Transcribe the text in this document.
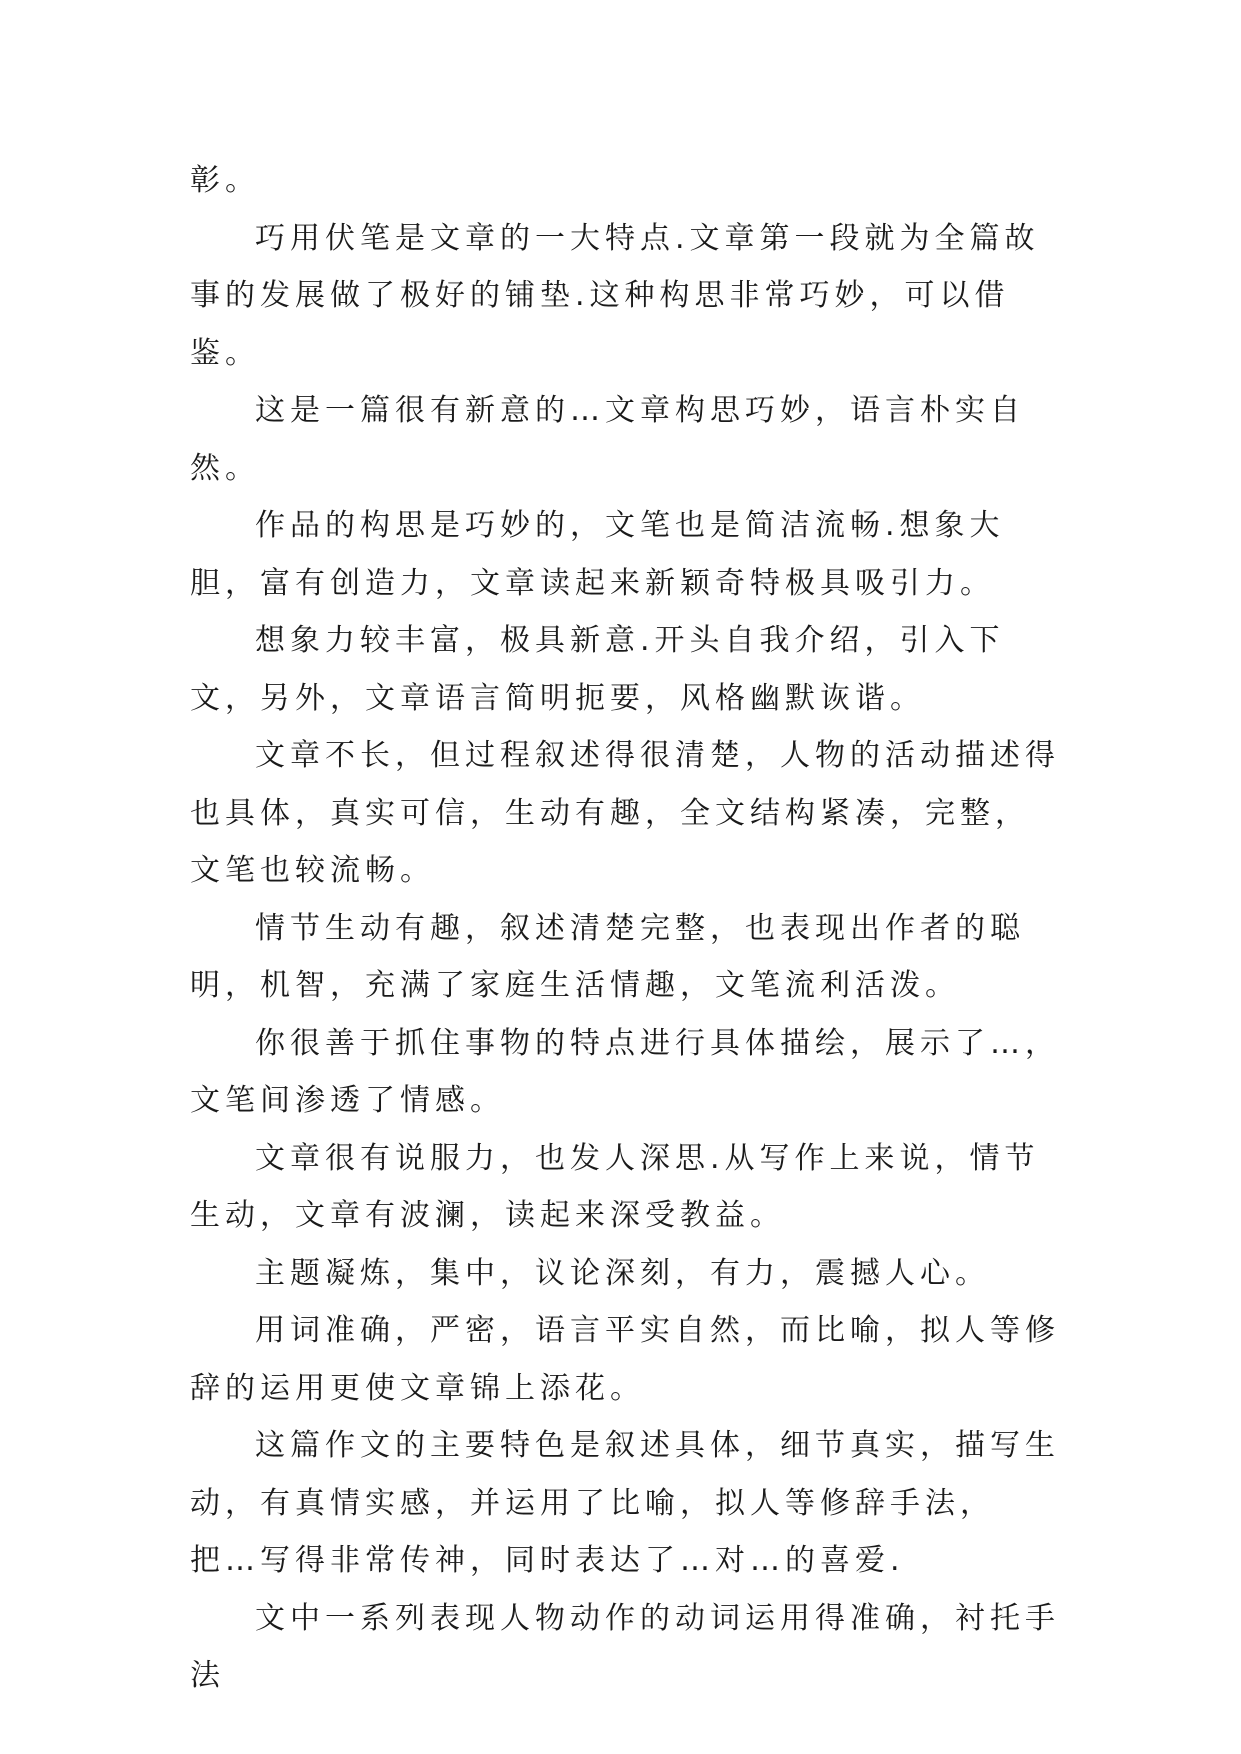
彰。

巧用伏笔是文章的一大特点.文章第一段就为全篇故事的发展做了极好的铺垫.这种构思非常巧妙，可以借鉴。

这是一篇很有新意的…文章构思巧妙，语言朴实自然。

作品的构思是巧妙的，文笔也是简洁流畅.想象大胆，富有创造力，文章读起来新颖奇特极具吸引力。

想象力较丰富，极具新意.开头自我介绍，引入下文，另外，文章语言简明扼要，风格幽默诙谐。

文章不长，但过程叙述得很清楚，人物的活动描述得也具体，真实可信，生动有趣，全文结构紧凑，完整，文笔也较流畅。

情节生动有趣，叙述清楚完整，也表现出作者的聪明，机智，充满了家庭生活情趣，文笔流利活泼。

你很善于抓住事物的特点进行具体描绘，展示了…，文笔间渗透了情感。

文章很有说服力，也发人深思.从写作上来说，情节生动，文章有波澜，读起来深受教益。

主题凝炼，集中，议论深刻，有力，震撼人心。

用词准确，严密，语言平实自然，而比喻，拟人等修辞的运用更使文章锦上添花。

这篇作文的主要特色是叙述具体，细节真实，描写生动，有真情实感，并运用了比喻，拟人等修辞手法，把…写得非常传神，同时表达了…对…的喜爱.

文中一系列表现人物动作的动词运用得准确，衬托手法
